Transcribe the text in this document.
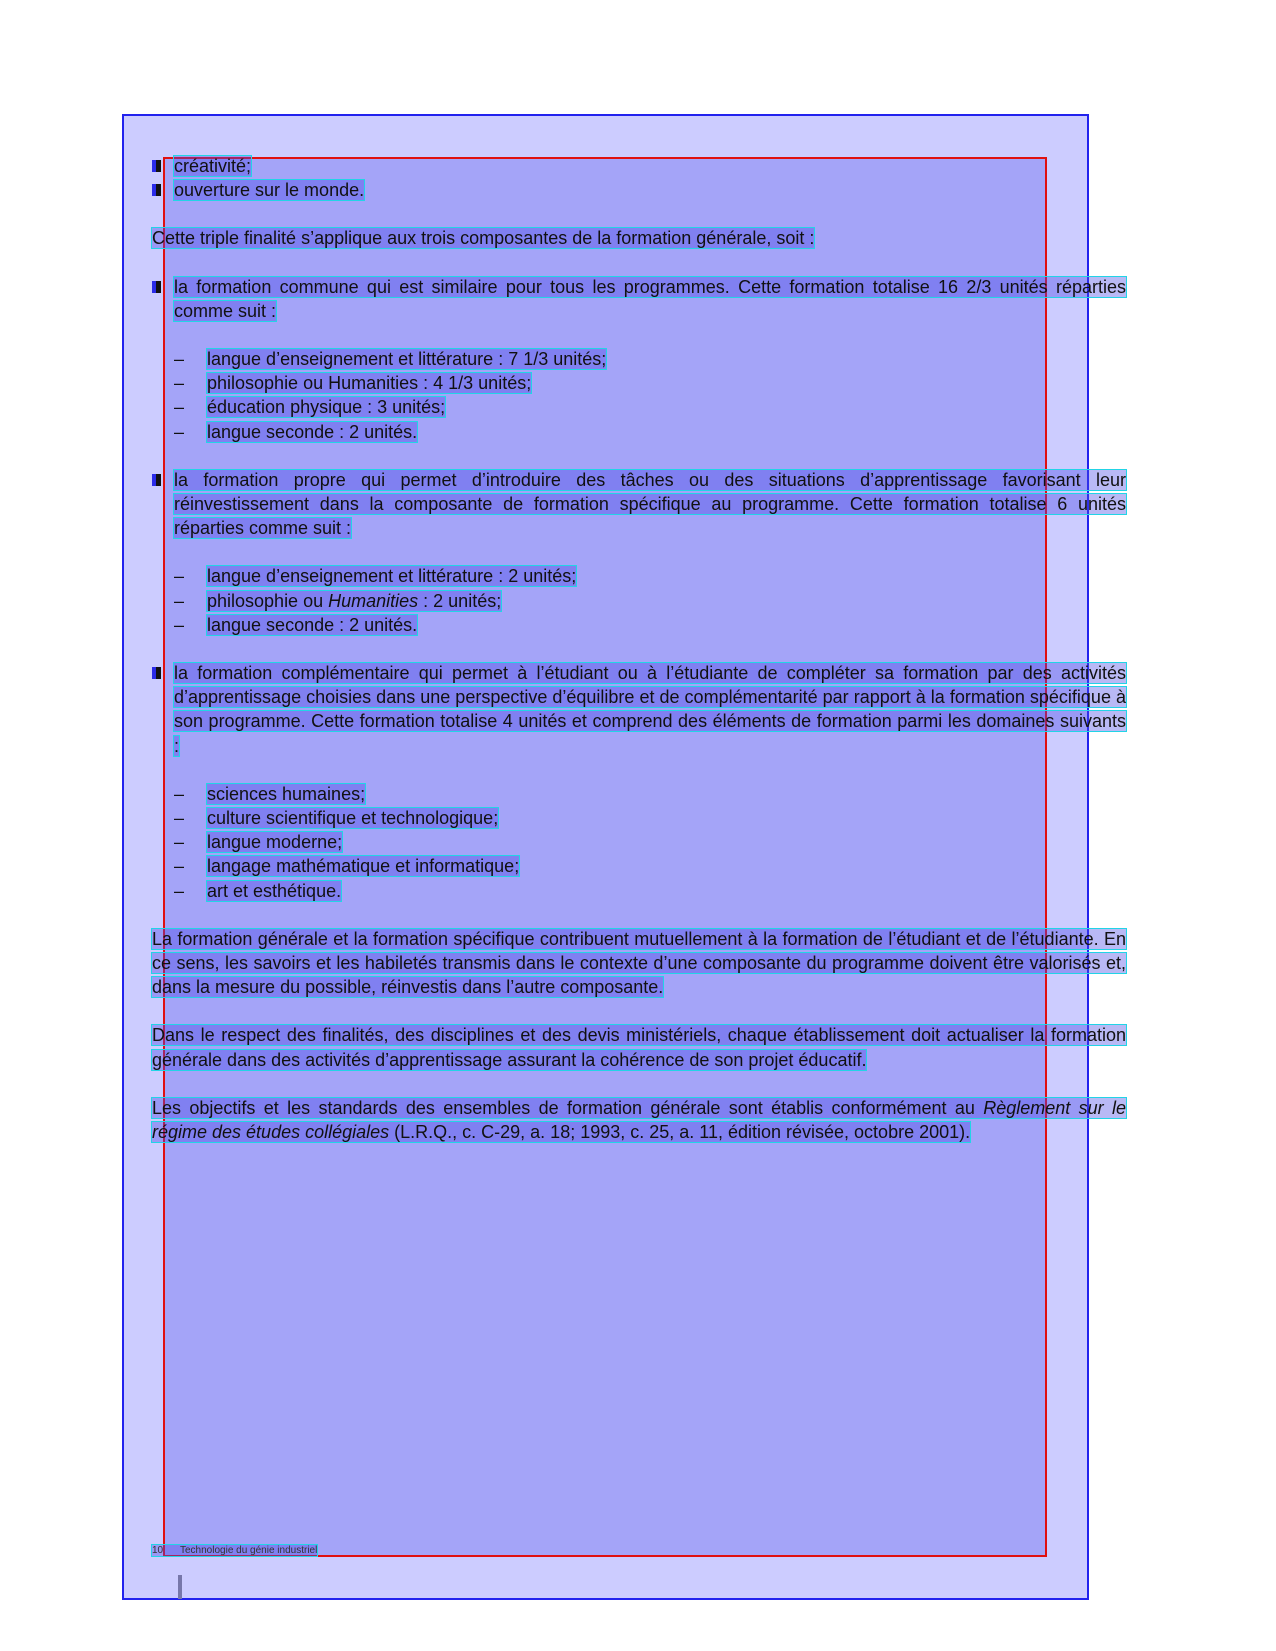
créativité;
ouverture sur le monde.
Cette triple finalité s’applique aux trois composantes de la formation générale, soit :
la formation commune qui est similaire pour tous les programmes. Cette formation totalise 16 2/3 unités réparties comme suit :
– langue d’enseignement et littérature : 7 1/3 unités;
– philosophie ou Humanities : 4 1/3 unités;
– éducation physique : 3 unités;
– langue seconde : 2 unités.
la formation propre qui permet d’introduire des tâches ou des situations d’apprentissage favorisant leur réinvestissement dans la composante de formation spécifique au programme. Cette formation totalise 6 unités réparties comme suit :
– langue d’enseignement et littérature : 2 unités;
– philosophie ou Humanities : 2 unités;
– langue seconde : 2 unités.
la formation complémentaire qui permet à l’étudiant ou à l’étudiante de compléter sa formation par des activités d’apprentissage choisies dans une perspective d’équilibre et de complémentarité par rapport à la formation spécifique à son programme. Cette formation totalise 4 unités et comprend des éléments de formation parmi les domaines suivants :
– sciences humaines;
– culture scientifique et technologique;
– langue moderne;
– langage mathématique et informatique;
– art et esthétique.
La formation générale et la formation spécifique contribuent mutuellement à la formation de l’étudiant et de l’étudiante. En ce sens, les savoirs et les habiletés transmis dans le contexte d’une composante du programme doivent être valorisés et, dans la mesure du possible, réinvestis dans l’autre composante.
Dans le respect des finalités, des disciplines et des devis ministériels, chaque établissement doit actualiser la formation générale dans des activités d’apprentissage assurant la cohérence de son projet éducatif.
Les objectifs et les standards des ensembles de formation générale sont établis conformément au Règlement sur le régime des études collégiales (L.R.Q., c. C-29, a. 18; 1993, c. 25, a. 11, édition révisée, octobre 2001).
10 Technologie du génie industriel
